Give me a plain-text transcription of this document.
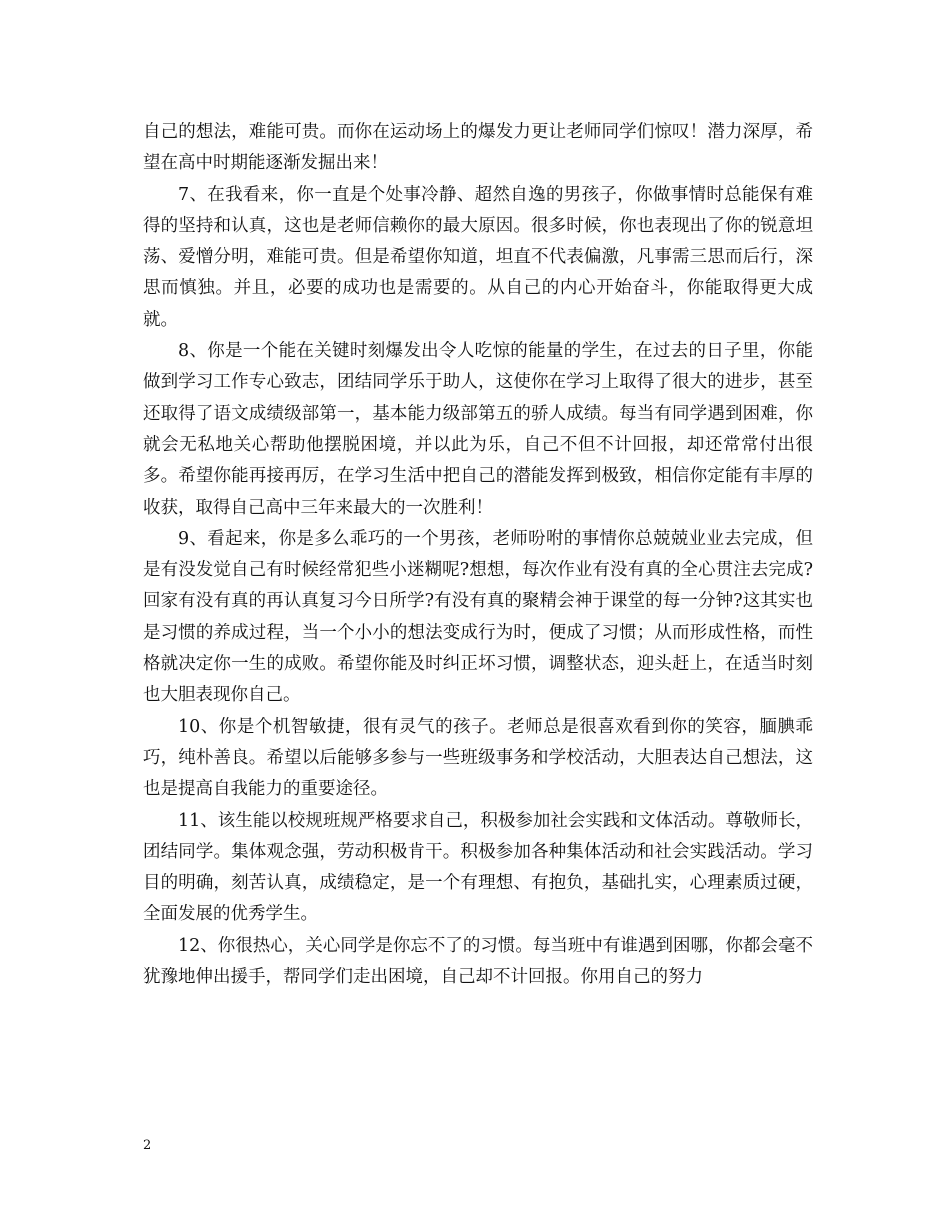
自己的想法，难能可贵。而你在运动场上的爆发力更让老师同学们惊叹！潜力深厚，希望在高中时期能逐渐发掘出来！

7、在我看来，你一直是个处事冷静、超然自逸的男孩子，你做事情时总能保有难得的坚持和认真，这也是老师信赖你的最大原因。很多时候，你也表现出了你的锐意坦荡、爱憎分明，难能可贵。但是希望你知道，坦直不代表偏激，凡事需三思而后行，深思而慎独。并且，必要的成功也是需要的。从自己的内心开始奋斗，你能取得更大成就。

8、你是一个能在关键时刻爆发出令人吃惊的能量的学生，在过去的日子里，你能做到学习工作专心致志，团结同学乐于助人，这使你在学习上取得了很大的进步，甚至还取得了语文成绩级部第一，基本能力级部第五的骄人成绩。每当有同学遇到困难，你就会无私地关心帮助他摆脱困境，并以此为乐，自己不但不计回报，却还常常付出很多。希望你能再接再厉，在学习生活中把自己的潜能发挥到极致，相信你定能有丰厚的收获，取得自己高中三年来最大的一次胜利！

9、看起来，你是多么乖巧的一个男孩，老师吩咐的事情你总兢兢业业去完成，但是有没发觉自己有时候经常犯些小迷糊呢?想想，每次作业有没有真的全心贯注去完成?回家有没有真的再认真复习今日所学?有没有真的聚精会神于课堂的每一分钟?这其实也是习惯的养成过程，当一个小小的想法变成行为时，便成了习惯；从而形成性格，而性格就决定你一生的成败。希望你能及时纠正坏习惯，调整状态，迎头赶上，在适当时刻也大胆表现你自己。

10、你是个机智敏捷，很有灵气的孩子。老师总是很喜欢看到你的笑容，腼腆乖巧，纯朴善良。希望以后能够多参与一些班级事务和学校活动，大胆表达自己想法，这也是提高自我能力的重要途径。

11、该生能以校规班规严格要求自己，积极参加社会实践和文体活动。尊敬师长，团结同学。集体观念强，劳动积极肯干。积极参加各种集体活动和社会实践活动。学习目的明确，刻苦认真，成绩稳定，是一个有理想、有抱负，基础扎实，心理素质过硬，全面发展的优秀学生。

12、你很热心，关心同学是你忘不了的习惯。每当班中有谁遇到困哪，你都会毫不犹豫地伸出援手，帮同学们走出困境，自己却不计回报。你用自己的努力

2
